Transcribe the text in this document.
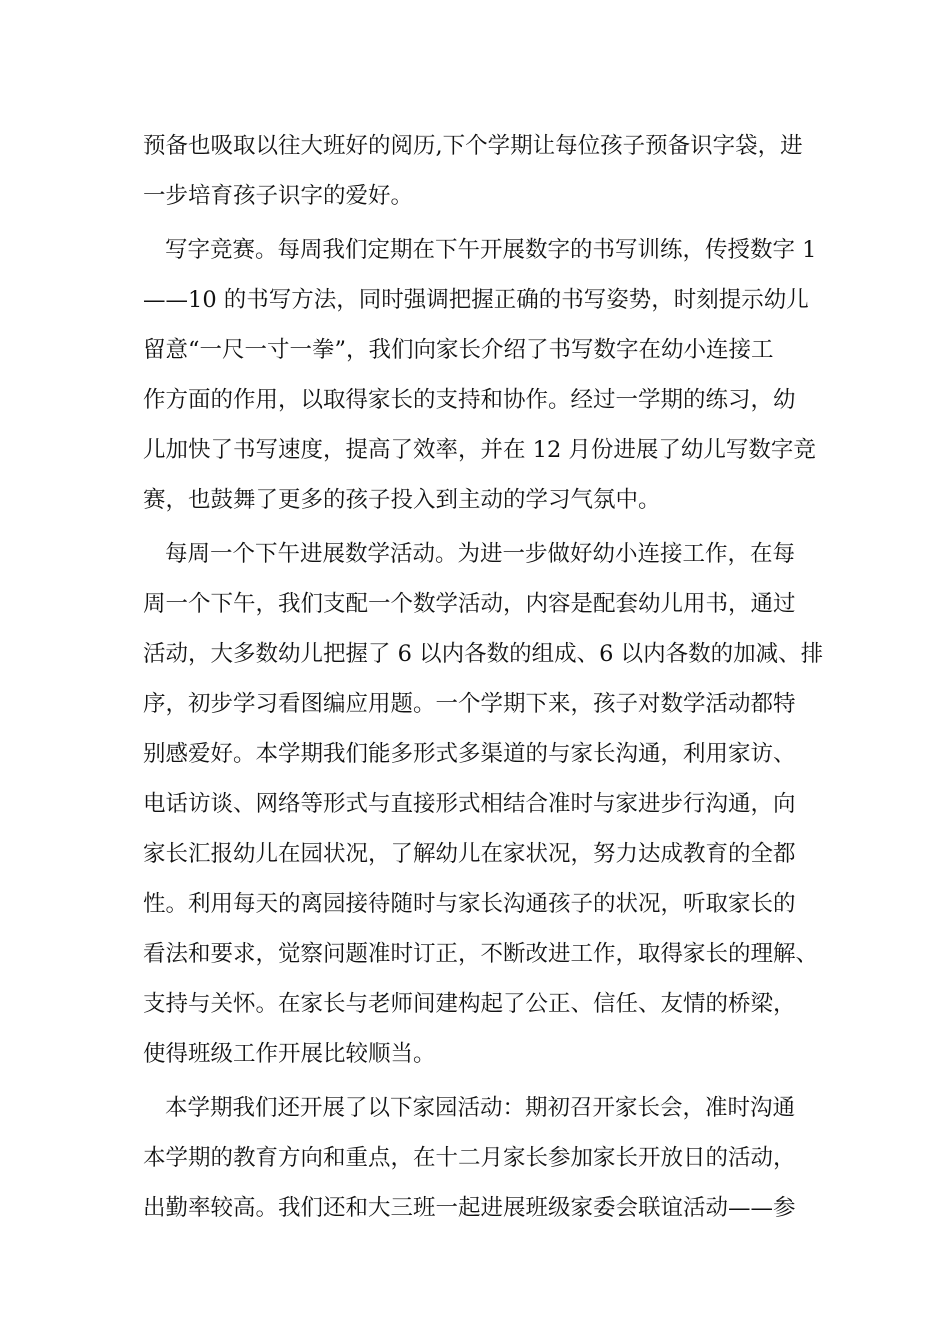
预备也吸取以往大班好的阅历,下个学期让每位孩子预备识字袋，进
一步培育孩子识字的爱好。
写字竞赛。每周我们定期在下午开展数字的书写训练，传授数字 1
——10 的书写方法，同时强调把握正确的书写姿势，时刻提示幼儿
留意“一尺一寸一拳”，我们向家长介绍了书写数字在幼小连接工
作方面的作用，以取得家长的支持和协作。经过一学期的练习，幼
儿加快了书写速度，提高了效率，并在 12 月份进展了幼儿写数字竞
赛，也鼓舞了更多的孩子投入到主动的学习气氛中。
每周一个下午进展数学活动。为进一步做好幼小连接工作，在每
周一个下午，我们支配一个数学活动，内容是配套幼儿用书，通过
活动，大多数幼儿把握了 6 以内各数的组成、6 以内各数的加减、排
序，初步学习看图编应用题。一个学期下来，孩子对数学活动都特
别感爱好。本学期我们能多形式多渠道的与家长沟通，利用家访、
电话访谈、网络等形式与直接形式相结合准时与家进步行沟通，向
家长汇报幼儿在园状况，了解幼儿在家状况，努力达成教育的全都
性。利用每天的离园接待随时与家长沟通孩子的状况，听取家长的
看法和要求，觉察问题准时订正，不断改进工作，取得家长的理解、
支持与关怀。在家长与老师间建构起了公正、信任、友情的桥梁，
使得班级工作开展比较顺当。
本学期我们还开展了以下家园活动：期初召开家长会，准时沟通
本学期的教育方向和重点，在十二月家长参加家长开放日的活动，
出勤率较高。我们还和大三班一起进展班级家委会联谊活动——参
